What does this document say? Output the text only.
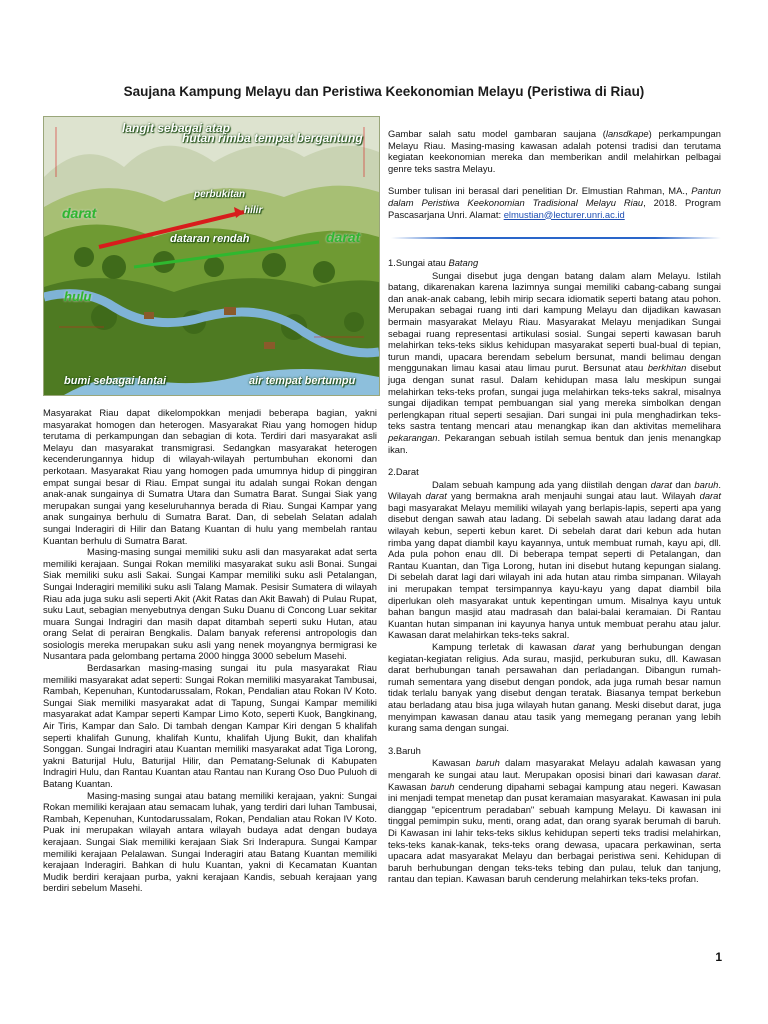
Saujana Kampung Melayu dan Peristiwa Keekonomian Melayu (Peristiwa di Riau)
langit sebagai atap
hutan rimba tempat bergantung
perbukitan
hilir
darat
darat
dataran rendah
hulu
bumi sebagai lantai	air tempat bertumpu

Gambar salah satu model gambaran saujana (lansdkape) perkampungan Melayu Riau. Masing-masing kawasan adalah potensi tradisi dan terutama kegiatan keekonomian mereka dan memberikan andil melahirkan pelbagai genre teks sastra Melayu.

Sumber tulisan ini berasal dari penelitian Dr. Elmustian Rahman, MA., Pantun dalam Peristiwa Keekonomian Tradisional Melayu Riau, 2018. Program Pascasarjana Unri. Alamat: elmustian@lecturer.unri.ac.id

Masyarakat Riau dapat dikelompokkan menjadi beberapa bagian, yakni masyarakat homogen dan heterogen. Masyarakat Riau yang homogen hidup terutama di perkampungan dan sebagian di kota. Terdiri dari masyarakat asli Melayu dan masyarakat transmigrasi. Sedangkan masyarakat heterogen kecenderungannya hidup di wilayah-wilayah pertumbuhan ekonomi dan perkotaan. Masyarakat Riau yang homogen pada umumnya hidup di pinggiran empat sungai besar di Riau. Empat sungai itu adalah sungai Rokan dengan anak-anak sungainya di Sumatra Utara dan Sumatra Barat. Sungai Siak yang merupakan sungai yang keseluruhannya berada di Riau. Sungai Kampar yang anak sungainya berhulu di Sumatra Barat. Dan, di sebelah Selatan adalah sungai Inderagiri di Hilir dan Batang Kuantan di hulu yang membelah rantau Kuantan berhulu di Sumatra Barat.

Masing-masing sungai memiliki suku asli dan masyarakat adat serta memiliki kerajaan. Sungai Rokan memiliki masyarakat suku asli Bonai. Sungai Siak memiliki suku asli Sakai. Sungai Kampar memiliki suku asli Petalangan, Sungai Inderagiri memiliki suku asli Talang Mamak. Pesisir Sumatera di wilayah Riau ada juga suku asli seperti Akit (Akit Ratas dan Akit Bawah) di Pulau Rupat, suku Laut, sebagian menyebutnya dengan Suku Duanu di Concong Luar sekitar muara Sungai Indragiri dan masih dapat ditambah seperti suku Hutan, atau orang Selat di perairan Bengkalis. Dalam banyak referensi antropologis dan sosiologis mereka merupakan suku asli yang nenek moyangnya bermigrasi ke Nusantara pada gelombang pertama 2000 hingga 3000 sebelum Masehi.

Berdasarkan masing-masing sungai itu pula masyarakat Riau memiliki masyarakat adat seperti: Sungai Rokan memiliki masyarakat Tambusai, Rambah, Kepenuhan, Kuntodarussalam, Rokan, Pendalian atau Rokan IV Koto. Sungai Siak memiliki masyarakat adat di Tapung, Sungai Kampar memiliki masyarakat adat Kampar seperti Kampar Limo Koto, seperti Kuok, Bangkinang, Air Tiris, Kampar dan Salo. Di tambah dengan Kampar Kiri dengan 5 khalifah seperti khalifah Gunung, khalifah Kuntu, khalifah Ujung Bukit, dan khalifah Songgan. Sungai Indragiri atau Kuantan memiliki masyarakat adat Tiga Lorong, yakni Baturijal Hulu, Baturijal Hilir, dan Pematang-Selunak di Kabupaten Indragiri Hulu, dan Rantau Kuantan atau Rantau nan Kurang Oso Duo Puluoh di Batang Kuantan.

Masing-masing sungai atau batang memiliki kerajaan, yakni: Sungai Rokan memiliki kerajaan atau semacam luhak, yang terdiri dari luhan Tambusai, Rambah, Kepenuhan, Kuntodarussalam, Rokan, Pendalian atau Rokan IV Koto. Puak ini merupakan wilayah antara wilayah budaya adat dengan budaya kerajaan. Sungai Siak memiliki kerajaan Siak Sri Inderapura. Sungai Kampar memiliki kerajaan Pelalawan. Sungai Inderagiri atau Batang Kuantan memiliki kerajaan Inderagiri. Bahkan di hulu Kuantan, yakni di Kecamatan Kuantan Mudik berdiri kerajaan purba, yakni kerajaan Kandis, sebuah kerajaan yang berdiri sebelum Masehi.

1.Sungai atau Batang

Sungai disebut juga dengan batang dalam alam Melayu. Istilah batang, dikarenakan karena lazimnya sungai memiliki cabang-cabang sungai dan anak-anak cabang, lebih mirip secara idiomatik seperti batang atau pohon. Merupakan sebagai ruang inti dari kampung Melayu dan dijadikan kawasan bermain masyarakat Melayu Riau. Masyarakat Melayu menjadikan Sungai sebagai ruang representasi artikulasi sosial. Sungai seperti kawasan baruh melahirkan teks-teks siklus kehidupan masyarakat seperti bual-bual di tepian, turun mandi, upacara berendam sebelum bersunat, mandi belimau dengan menggunakan limau kasai atau limau purut. Bersunat atau berkhitan disebut juga dengan sunat rasul. Dalam kehidupan masa lalu meskipun sungai melahirkan teks-teks profan, sungai juga melahirkan teks-teks sakral, misalnya sungai dijadikan tempat pembuangan sial yang mereka simbolkan dengan perlengkapan ritual seperti sesajian. Dari sungai ini pula menghadirkan teks-teks sastra tentang mencari atau menangkap ikan dan aktivitas memelihara pekarangan. Pekarangan sebuah istilah semua bentuk dan jenis menangkap ikan.

2.Darat

Dalam sebuah kampung ada yang diistilah dengan darat dan baruh. Wilayah darat yang bermakna arah menjauhi sungai atau laut. Wilayah darat bagi masyarakat Melayu memiliki wilayah yang berlapis-lapis, seperti apa yang disebut dengan sawah atau ladang. Di sebelah sawah atau ladang darat ada wilayah kebun, seperti kebun karet. Di sebelah darat dari kebun ada hutan rimba yang dapat diambil kayu kayannya, untuk membuat rumah, kayu api, dll. Ada pula pohon enau dll. Di beberapa tempat seperti di Petalangan, dan Rantau Kuantan, dan Tiga Lorong, hutan ini disebut hutang kepungan sialang. Di sebelah darat lagi dari wilayah ini ada hutan atau rimba simpanan. Wilayah ini merupakan tempat tersimpannya kayu-kayu yang dapat diambil bila diperlukan oleh masyarakat untuk kepentingan umum. Misalnya kayu untuk bahan bangun masjid atau madrasah dan balai-balai keramaian. Di Rantau Kuantan hutan simpanan ini kayunya hanya untuk membuat perahu atau jalur. Kawasan darat melahirkan teks-teks sakral.

Kampung terletak di kawasan darat yang berhubungan dengan kegiatan-kegiatan religius. Ada surau, masjid, perkuburan suku, dll. Kawasan darat berhubungan tanah persawahan dan perladangan. Dibangun rumah-rumah sementara yang disebut dengan pondok, ada juga rumah besar namun tidak terlalu banyak yang disebut dengan teratak. Biasanya tempat berkebun atau berladang atau bisa juga wilayah hutan ganang. Meski disebut darat, juga menyimpan kawasan danau atau tasik yang memegang peranan yang lebih kurang sama dengan sungai.

3.Baruh

Kawasan baruh dalam masyarakat Melayu adalah kawasan yang mengarah ke sungai atau laut. Merupakan oposisi binari dari kawasan darat. Kawasan baruh cenderung dipahami sebagai kampung atau negeri. Kawasan ini menjadi tempat menetap dan pusat keramaian masyarakat. Kawasan ini pula dianggap "epicentrum peradaban" sebuah kampung Melayu. Di kawasan ini tinggal pemimpin suku, menti, orang adat, dan orang syarak berumah di baruh. Di Kawasan ini lahir teks-teks siklus kehidupan seperti teks tradisi melahirkan, teks-teks kanak-kanak, teks-teks orang dewasa, upacara perkawinan, serta upacara adat masyarakat Melayu dan berbagai peristiwa seni. Kehidupan di baruh berhubungan dengan teks-teks tebing dan pulau, teluk dan tanjung, rantau dan tepian. Kawasan baruh cenderung melahirkan teks-teks profan.

1
